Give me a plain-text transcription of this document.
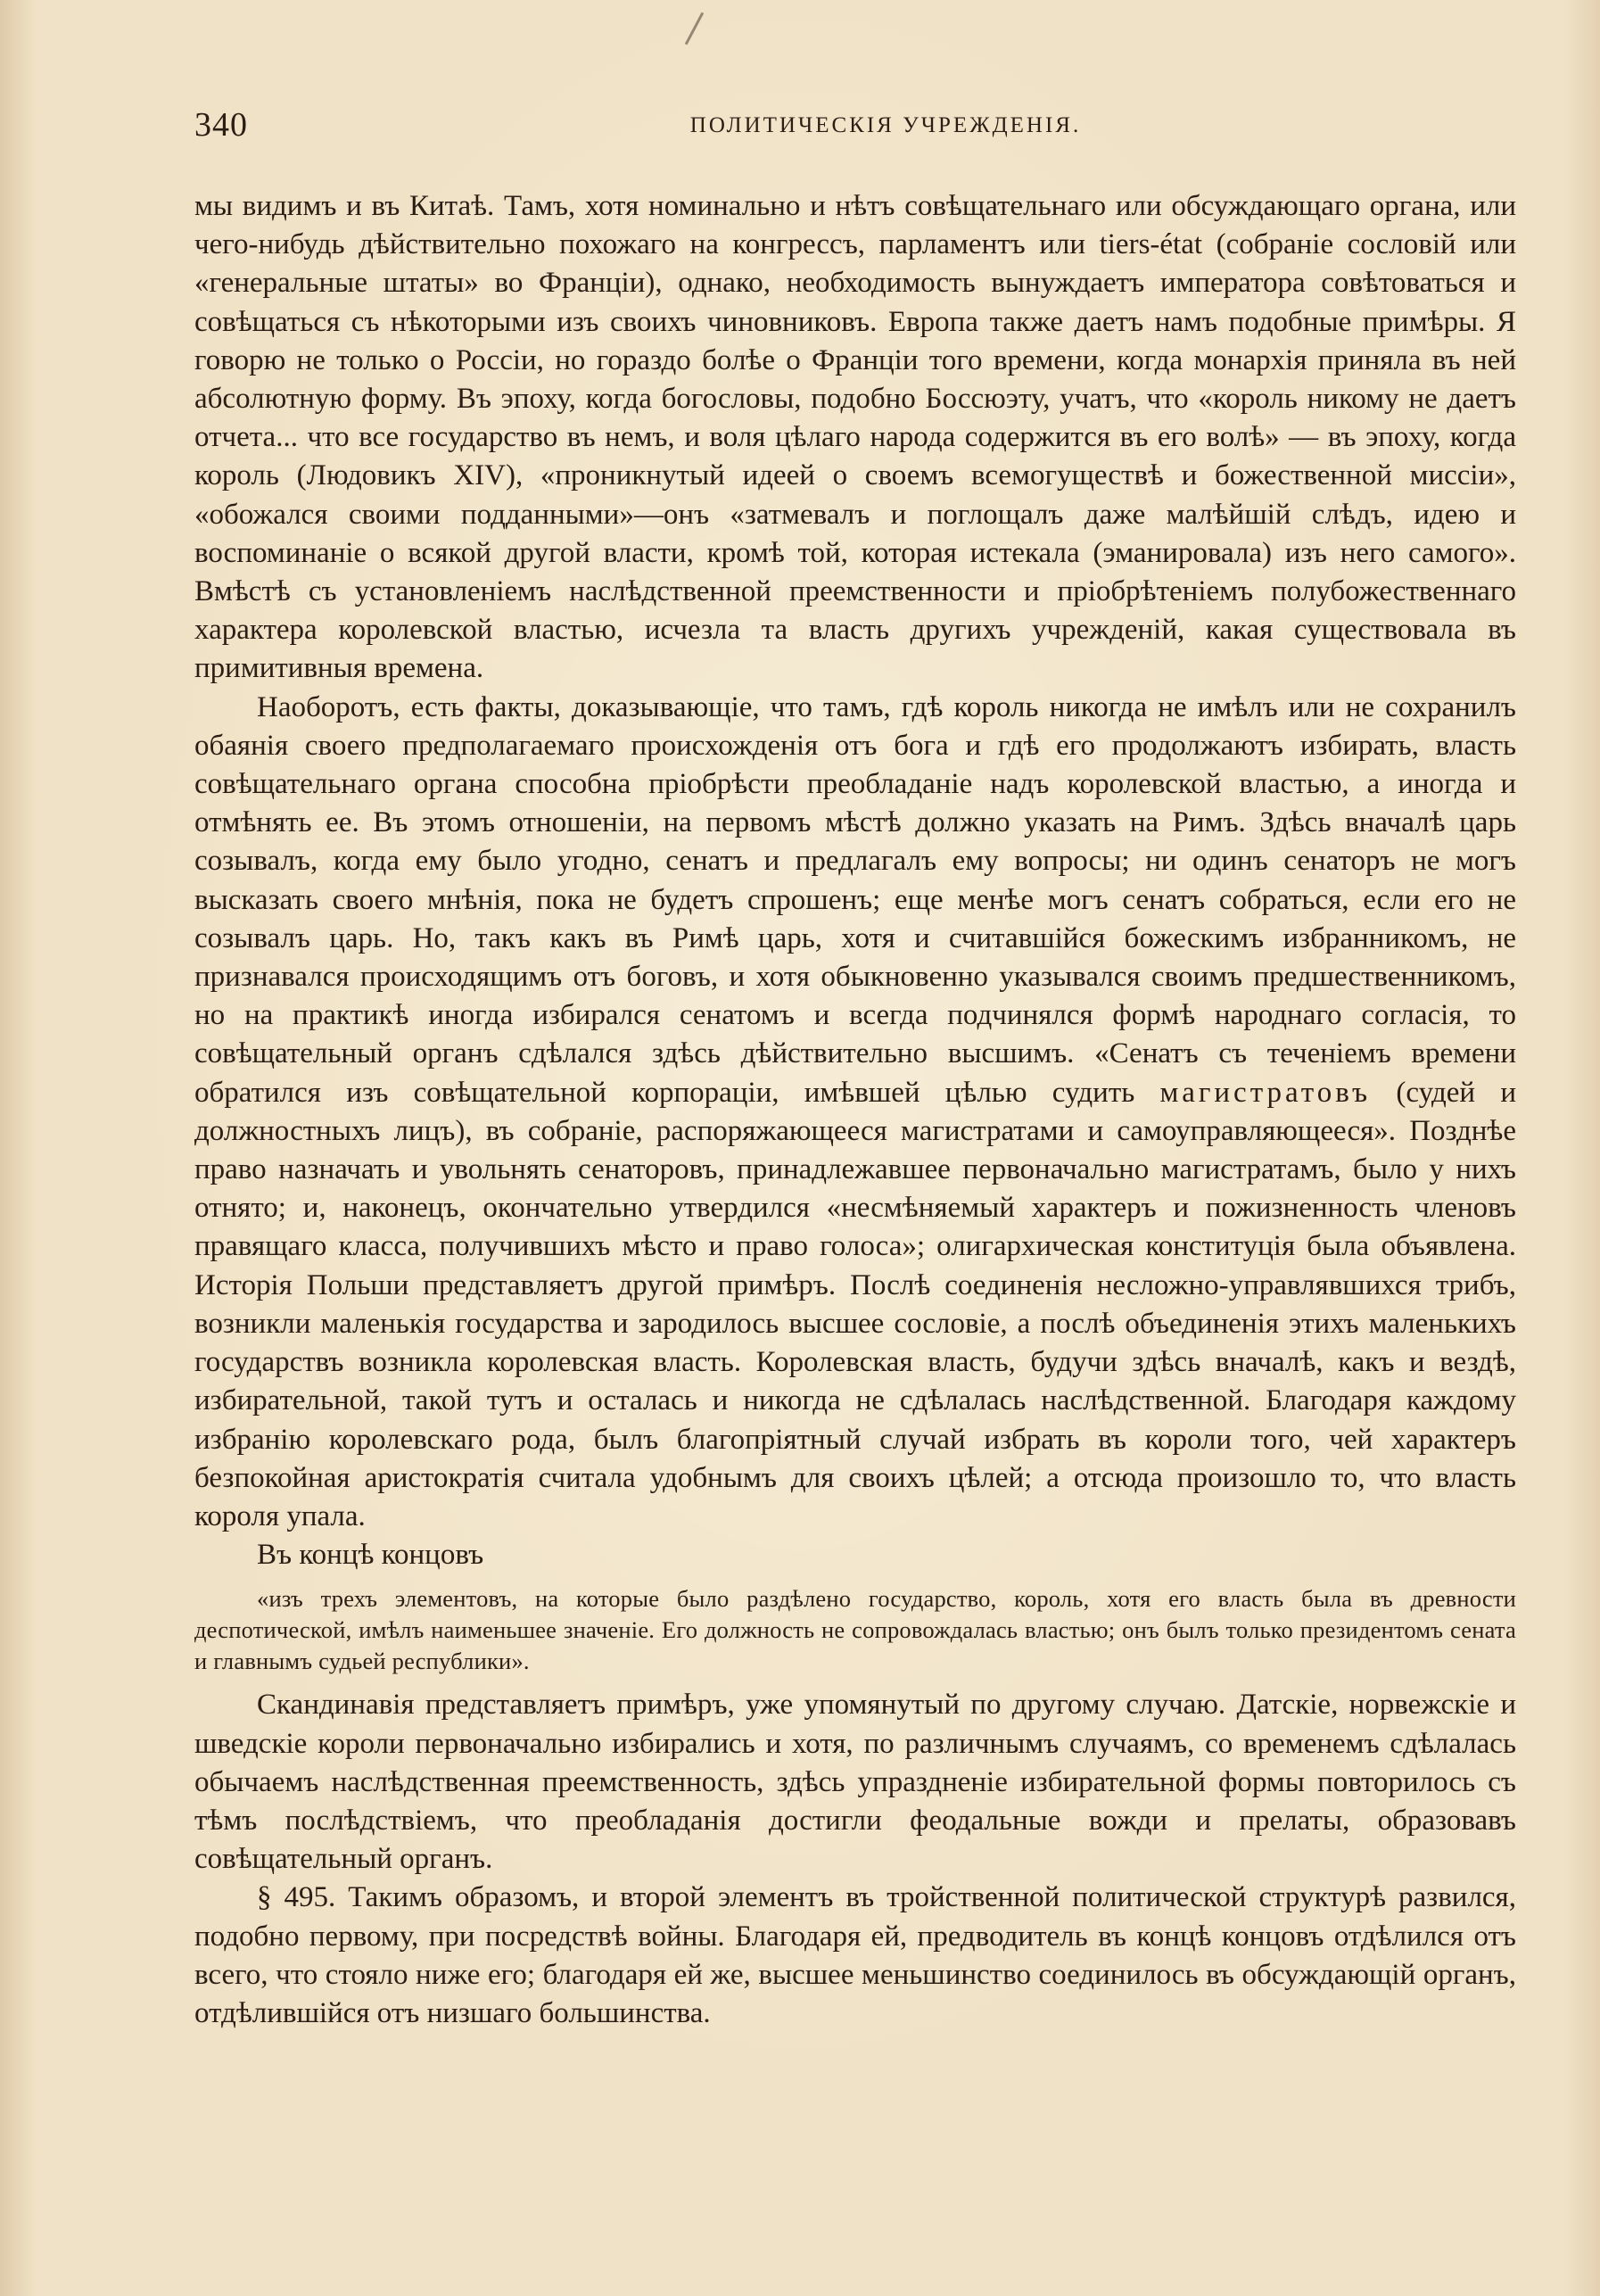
340	ПОЛИТИЧЕСКІЯ УЧРЕЖДЕНІЯ.

мы видимъ и въ Китаѣ. Тамъ, хотя номинально и нѣтъ совѣщательнаго или обсуждающаго органа, или чего-нибудь дѣйствительно похожаго на конгрессъ, парламентъ или tiers-état (собраніе сословій или «генеральные штаты» во Франціи), однако, необходимость вынуждаетъ императора совѣтоваться и совѣщаться съ нѣкоторыми изъ своихъ чиновниковъ. Европа также даетъ намъ подобные примѣры. Я говорю не только о Россіи, но гораздо болѣе о Франціи того времени, когда монархія приняла въ ней абсолютную форму. Въ эпоху, когда богословы, подобно Боссюэту, учатъ, что «король никому не даетъ отчета... что все государство въ немъ, и воля цѣлаго народа содержится въ его волѣ» — въ эпоху, когда король (Людовикъ XIV), «проникнутый идеей о своемъ всемогуществѣ и божественной миссіи», «обожался своими подданными»—онъ «затмевалъ и поглощалъ даже малѣйшій слѣдъ, идею и воспоминаніе о всякой другой власти, кромѣ той, которая истекала (эманировала) изъ него самого». Вмѣстѣ съ установленіемъ наслѣдственной преемственности и пріобрѣтеніемъ полубожественнаго характера королевской властью, исчезла та власть другихъ учрежденій, какая существовала въ примитивныя времена.

Наоборотъ, есть факты, доказывающіе, что тамъ, гдѣ король никогда не имѣлъ или не сохранилъ обаянія своего предполагаемаго происхожденія отъ бога и гдѣ его продолжаютъ избирать, власть совѣщательнаго органа способна пріобрѣсти преобладаніе надъ королевской властью, а иногда и отмѣнять ее. Въ этомъ отношеніи, на первомъ мѣстѣ должно указать на Римъ. Здѣсь вначалѣ царь созывалъ, когда ему было угодно, сенатъ и предлагалъ ему вопросы; ни одинъ сенаторъ не могъ высказать своего мнѣнія, пока не будетъ спрошенъ; еще менѣе могъ сенатъ собраться, если его не созывалъ царь. Но, такъ какъ въ Римѣ царь, хотя и считавшійся божескимъ избранникомъ, не признавался происходящимъ отъ боговъ, и хотя обыкновенно указывался своимъ предшественникомъ, но на практикѣ иногда избирался сенатомъ и всегда подчинялся формѣ народнаго согласія, то совѣщательный органъ сдѣлался здѣсь дѣйствительно высшимъ. «Сенатъ съ теченіемъ времени обратился изъ совѣщательной корпораціи, имѣвшей цѣлью судить магистратовъ (судей и должностныхъ лицъ), въ собраніе, распоряжающееся магистратами и самоуправляющееся». Позднѣе право назначать и увольнять сенаторовъ, принадлежавшее первоначально магистратамъ, было у нихъ отнято; и, наконецъ, окончательно утвердился «несмѣняемый характеръ и пожизненность членовъ правящаго класса, получившихъ мѣсто и право голоса»; олигархическая конституція была объявлена. Исторія Польши представляетъ другой примѣръ. Послѣ соединенія несложно-управлявшихся трибъ, возникли маленькія государства и зародилось высшее сословіе, а послѣ объединенія этихъ маленькихъ государствъ возникла королевская власть. Королевская власть, будучи здѣсь вначалѣ, какъ и вездѣ, избирательной, такой тутъ и осталась и никогда не сдѣлалась наслѣдственной. Благодаря каждому избранію королевскаго рода, былъ благопріятный случай избрать въ короли того, чей характеръ безпокойная аристократія считала удобнымъ для своихъ цѣлей; а отсюда произошло то, что власть короля упала.

Въ концѣ концовъ

«изъ трехъ элементовъ, на которые было раздѣлено государство, король, хотя его власть была въ древности деспотической, имѣлъ наименьшее значеніе. Его должность не сопровождалась властью; онъ былъ только президентомъ сената и главнымъ судьей республики».

Скандинавія представляетъ примѣръ, уже упомянутый по другому случаю. Датскіе, норвежскіе и шведскіе короли первоначально избирались и хотя, по различнымъ случаямъ, со временемъ сдѣлалась обычаемъ наслѣдственная преемственность, здѣсь упраздненіе избирательной формы повторилось съ тѣмъ послѣдствіемъ, что преобладанія достигли феодальные вожди и прелаты, образовавъ совѣщательный органъ.

§ 495. Такимъ образомъ, и второй элементъ въ тройственной политической структурѣ развился, подобно первому, при посредствѣ войны. Благодаря ей, предводитель въ концѣ концовъ отдѣлился отъ всего, что стояло ниже его; благодаря ей же, высшее меньшинство соединилось въ обсуждающій органъ, отдѣлившійся отъ низшаго большинства.
